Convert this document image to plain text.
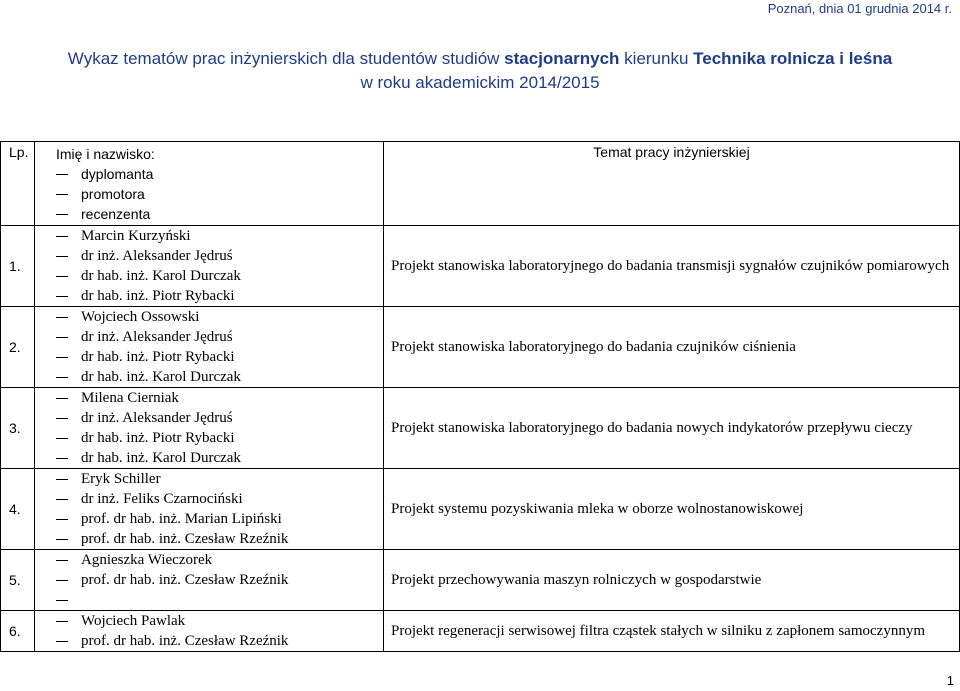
Poznań, dnia 01 grudnia 2014 r.
Wykaz tematów prac inżynierskich dla studentów studiów stacjonarnych kierunku Technika rolnicza i leśna
w roku akademickim 2014/2015
Lp.	Imię i nazwisko:
dyplomanta
promotora
recenzenta	Temat pracy inżynierskiej

1.	Marcin Kurzyński
dr inż. Aleksander Jędruś
dr hab. inż. Karol Durczak
dr hab. inż. Piotr Rybacki	Projekt stanowiska laboratoryjnego do badania transmisji sygnałów czujników pomiarowych

2.	Wojciech Ossowski
dr inż. Aleksander Jędruś
dr hab. inż. Piotr Rybacki
dr hab. inż. Karol Durczak	Projekt stanowiska laboratoryjnego do badania czujników ciśnienia

3.	Milena Cierniak
dr inż. Aleksander Jędruś
dr hab. inż. Piotr Rybacki
dr hab. inż. Karol Durczak	Projekt stanowiska laboratoryjnego do badania nowych indykatorów przepływu cieczy

4.	Eryk Schiller
dr inż. Feliks Czarnociński
prof. dr hab. inż. Marian Lipiński
prof. dr hab. inż. Czesław Rzeźnik	Projekt systemu pozyskiwania mleka w oborze wolnostanowiskowej

5.	Agnieszka Wieczorek
prof. dr hab. inż. Czesław Rzeźnik	Projekt przechowywania maszyn rolniczych w gospodarstwie

6.	Wojciech Pawlak
prof. dr hab. inż. Czesław Rzeźnik	Projekt regeneracji serwisowej filtra cząstek stałych w silniku z zapłonem samoczynnym
1
